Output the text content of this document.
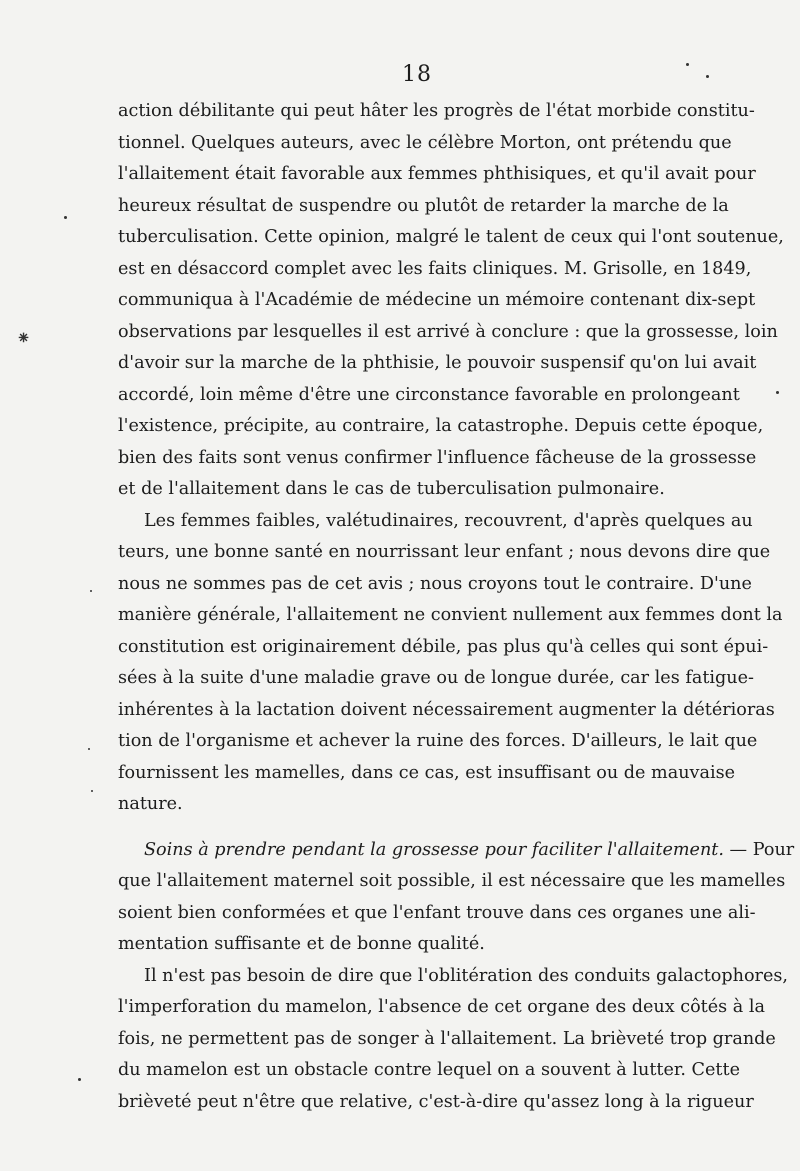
18
⁕

action débilitante qui peut hâter les progrès de l'état morbide constitu-
tionnel. Quelques auteurs, avec le célèbre Morton, ont prétendu que
l'allaitement était favorable aux femmes phthisiques, et qu'il avait pour
heureux résultat de suspendre ou plutôt de retarder la marche de la
tuberculisation. Cette opinion, malgré le talent de ceux qui l'ont soutenue,
est en désaccord complet avec les faits cliniques. M. Grisolle, en 1849,
communiqua à l'Académie de médecine un mémoire contenant dix-sept
observations par lesquelles il est arrivé à conclure : que la grossesse, loin
d'avoir sur la marche de la phthisie, le pouvoir suspensif qu'on lui avait
accordé, loin même d'être une circonstance favorable en prolongeant
l'existence, précipite, au contraire, la catastrophe. Depuis cette époque,
bien des faits sont venus confirmer l'influence fâcheuse de la grossesse
et de l'allaitement dans le cas de tuberculisation pulmonaire.

Les femmes faibles, valétudinaires, recouvrent, d'après quelques au
teurs, une bonne santé en nourrissant leur enfant ; nous devons dire que
nous ne sommes pas de cet avis ; nous croyons tout le contraire. D'une
manière générale, l'allaitement ne convient nullement aux femmes dont la
constitution est originairement débile, pas plus qu'à celles qui sont épui-
sées à la suite d'une maladie grave ou de longue durée, car les fatigue-
inhérentes à la lactation doivent nécessairement augmenter la détérioras
tion de l'organisme et achever la ruine des forces. D'ailleurs, le lait que
fournissent les mamelles, dans ce cas, est insuffisant ou de mauvaise
nature.

Soins à prendre pendant la grossesse pour faciliter l'allaitement. — Pour
que l'allaitement maternel soit possible, il est nécessaire que les mamelles
soient bien conformées et que l'enfant trouve dans ces organes une ali-
mentation suffisante et de bonne qualité.

Il n'est pas besoin de dire que l'oblitération des conduits galactophores,
l'imperforation du mamelon, l'absence de cet organe des deux côtés à la
fois, ne permettent pas de songer à l'allaitement. La brièveté trop grande
du mamelon est un obstacle contre lequel on a souvent à lutter. Cette
brièveté peut n'être que relative, c'est-à-dire qu'assez long à la rigueur
